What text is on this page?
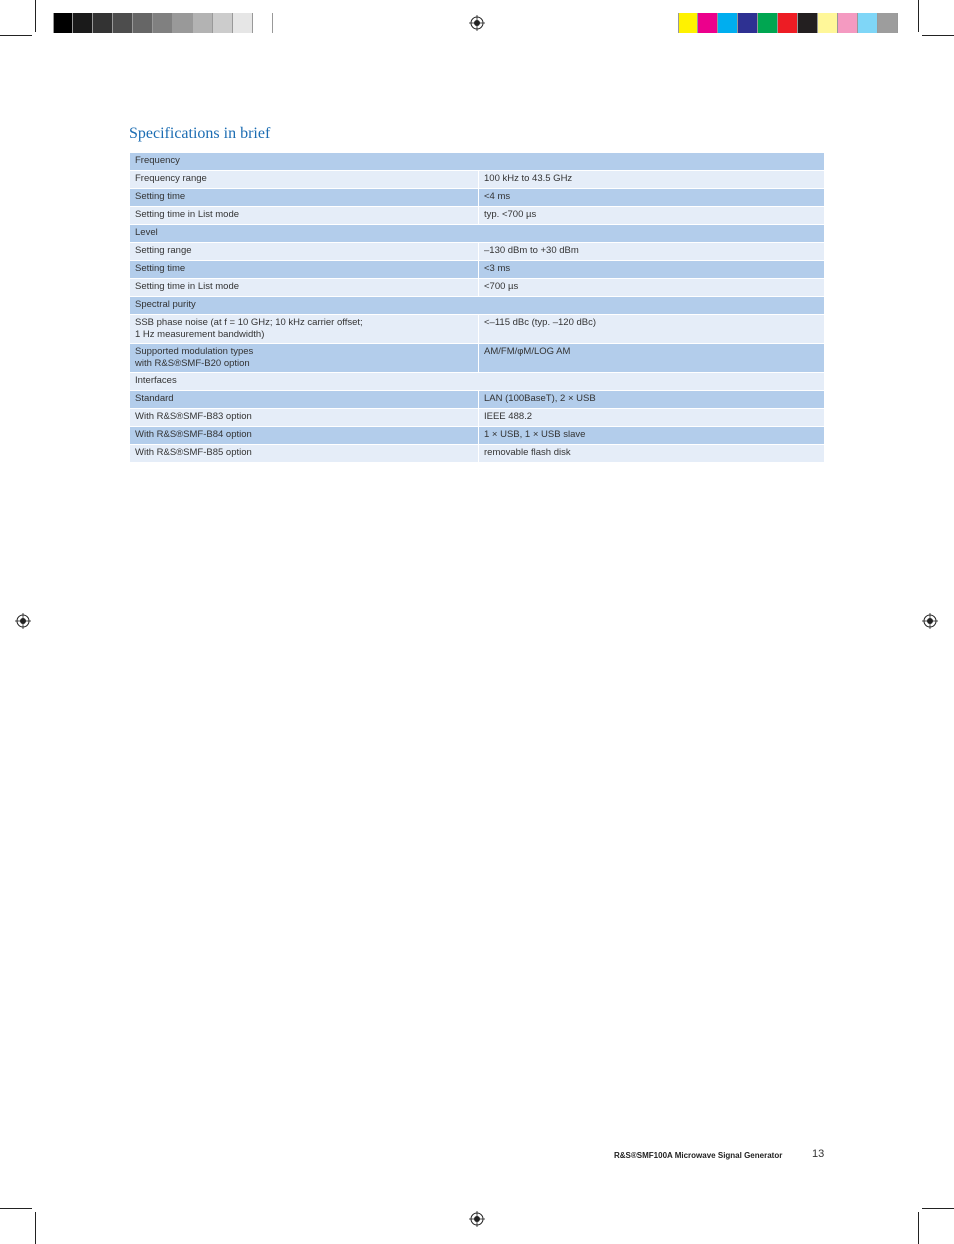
Specifications in brief
Frequency	
Frequency range	100 kHz to 43.5 GHz
Setting time	<4 ms
Setting time in List mode	typ. <700 µs
Level	
Setting range	–130 dBm to +30 dBm
Setting time	<3 ms
Setting time in List mode	<700 µs
Spectral purity	
SSB phase noise (at f = 10 GHz; 10 kHz carrier offset;
1 Hz measurement bandwidth)	<–115 dBc (typ. –120 dBc)
Supported modulation types
with R&S®SMF-B20 option	AM/FM/φM/LOG AM
Interfaces	
Standard	LAN (100BaseT), 2 × USB
With R&S®SMF-B83 option	IEEE 488.2
With R&S®SMF-B84 option	1 × USB, 1 × USB slave
With R&S®SMF-B85 option	removable flash disk
R&S®SMF100A Microwave Signal Generator	13
